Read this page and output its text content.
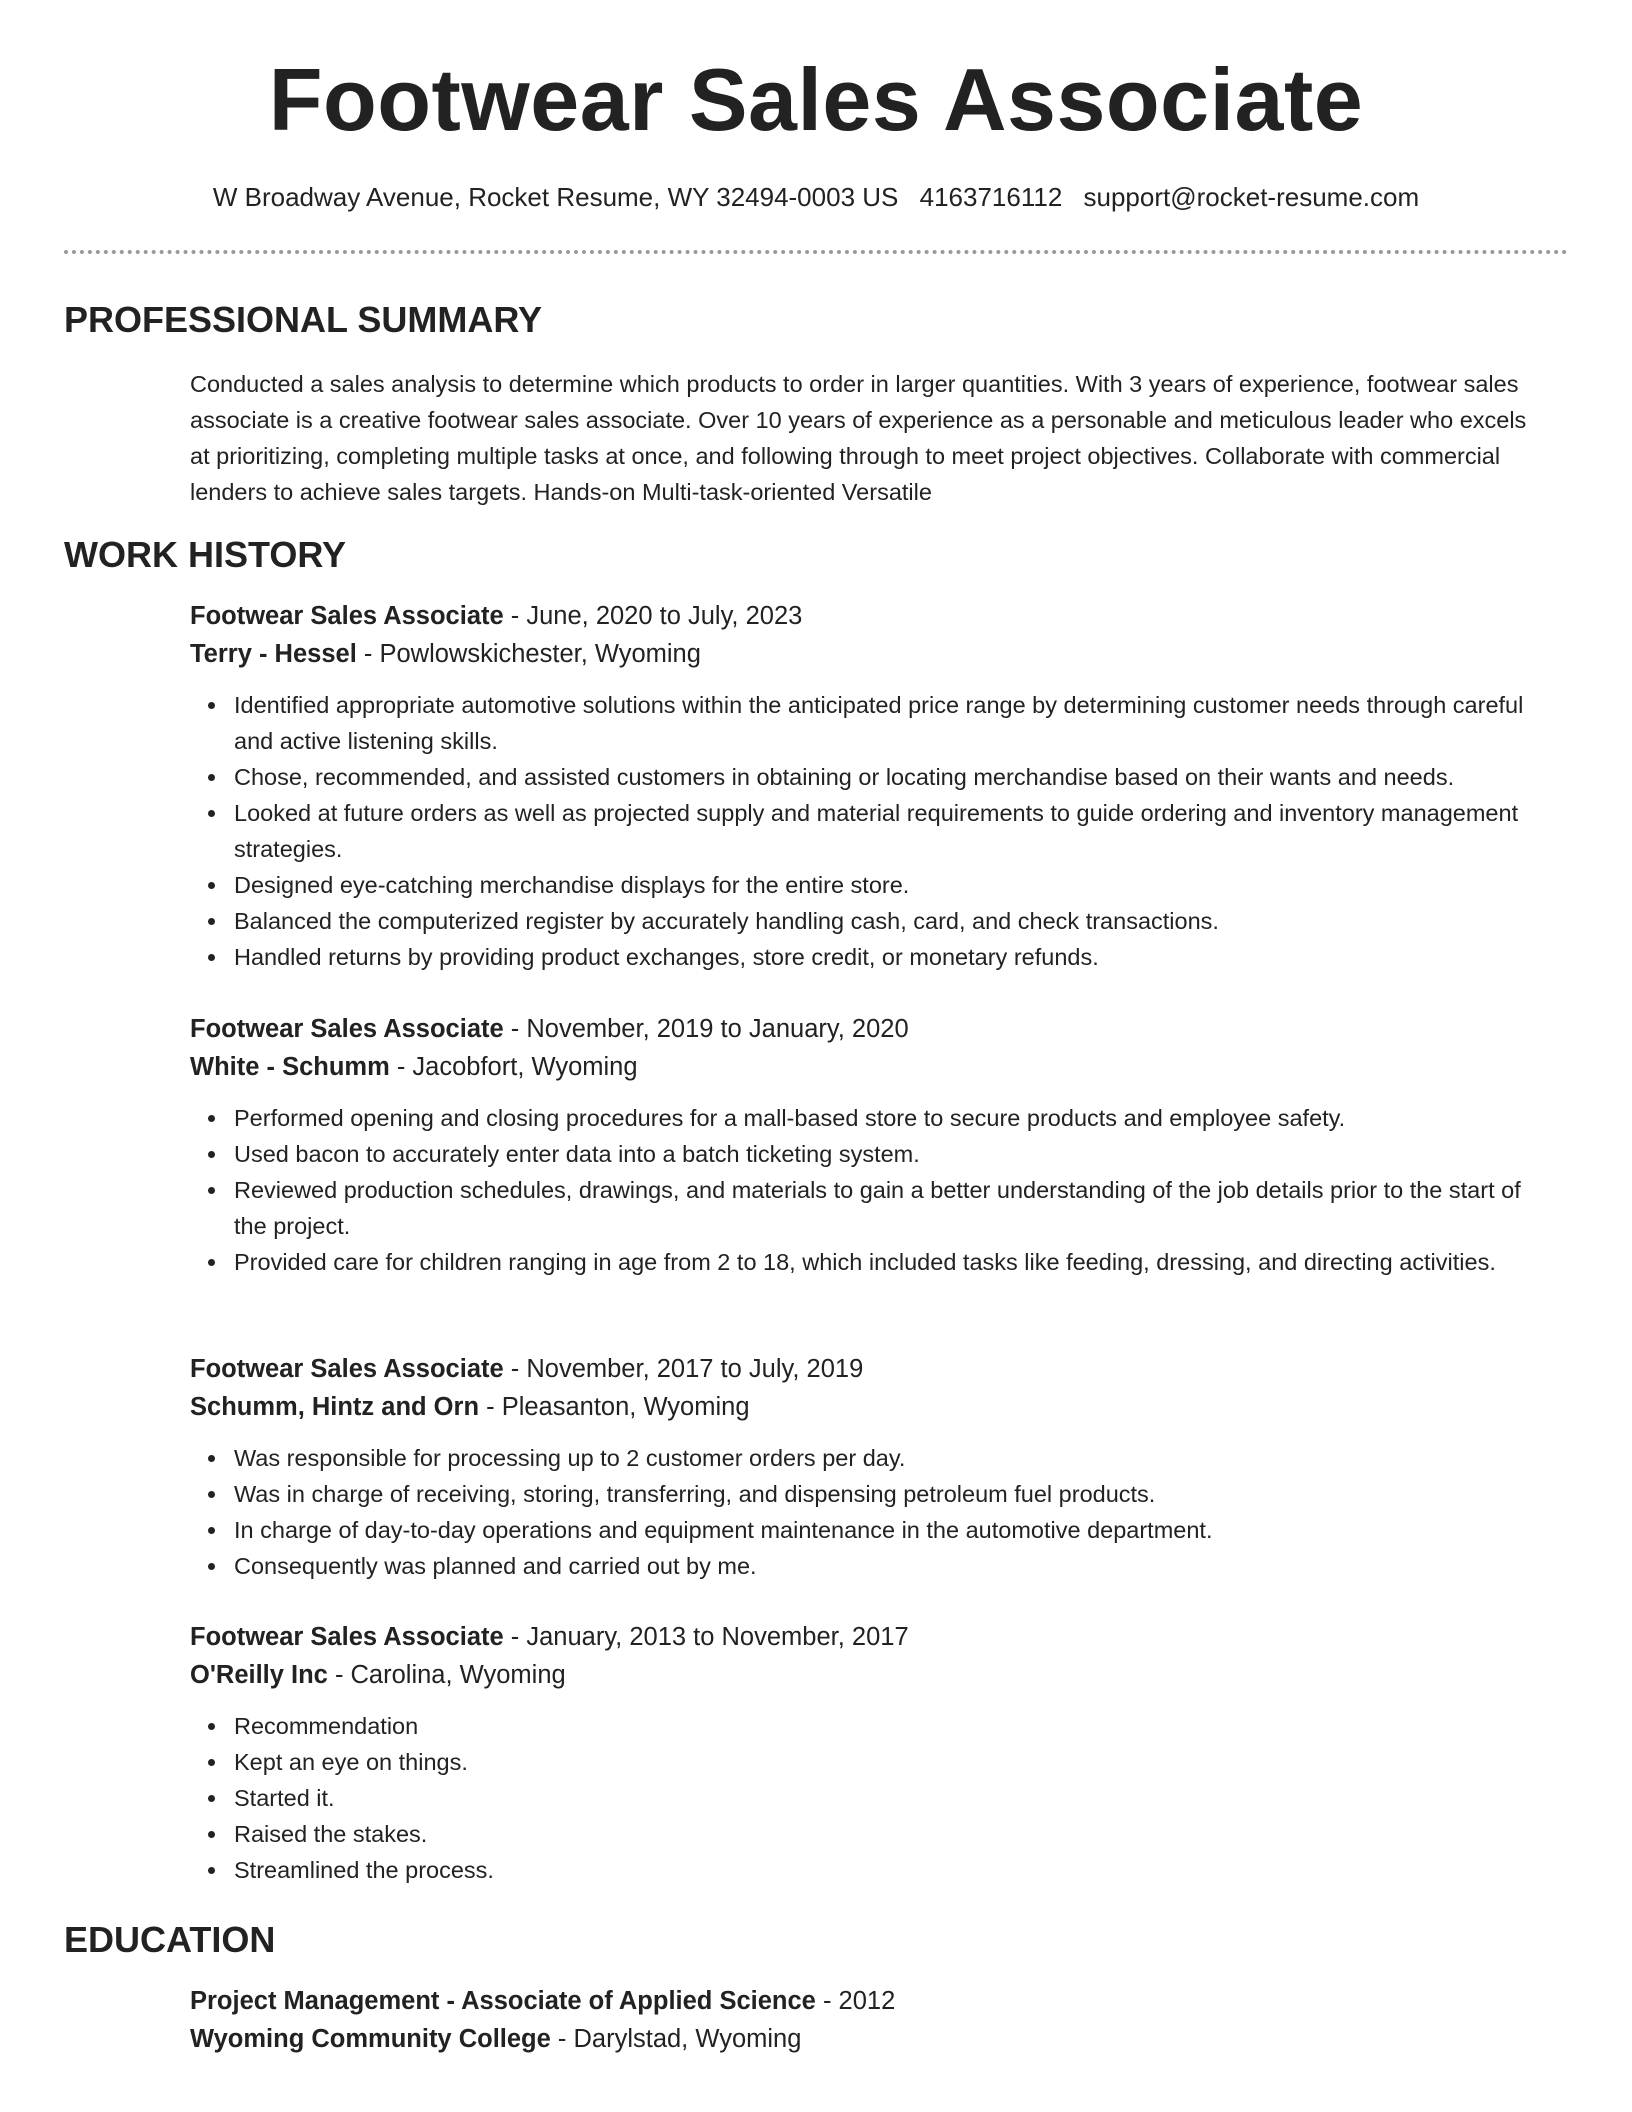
Footwear Sales Associate
W Broadway Avenue, Rocket Resume, WY 32494-0003 US 4163716112 support@rocket-resume.com
PROFESSIONAL SUMMARY
Conducted a sales analysis to determine which products to order in larger quantities. With 3 years of experience, footwear sales associate is a creative footwear sales associate. Over 10 years of experience as a personable and meticulous leader who excels at prioritizing, completing multiple tasks at once, and following through to meet project objectives. Collaborate with commercial lenders to achieve sales targets. Hands-on Multi-task-oriented Versatile
WORK HISTORY
Footwear Sales Associate - June, 2020 to July, 2023
Terry - Hessel - Powlowskichester, Wyoming
Identified appropriate automotive solutions within the anticipated price range by determining customer needs through careful and active listening skills.
Chose, recommended, and assisted customers in obtaining or locating merchandise based on their wants and needs.
Looked at future orders as well as projected supply and material requirements to guide ordering and inventory management strategies.
Designed eye-catching merchandise displays for the entire store.
Balanced the computerized register by accurately handling cash, card, and check transactions.
Handled returns by providing product exchanges, store credit, or monetary refunds.
Footwear Sales Associate - November, 2019 to January, 2020
White - Schumm - Jacobfort, Wyoming
Performed opening and closing procedures for a mall-based store to secure products and employee safety.
Used bacon to accurately enter data into a batch ticketing system.
Reviewed production schedules, drawings, and materials to gain a better understanding of the job details prior to the start of the project.
Provided care for children ranging in age from 2 to 18, which included tasks like feeding, dressing, and directing activities.
Footwear Sales Associate - November, 2017 to July, 2019
Schumm, Hintz and Orn - Pleasanton, Wyoming
Was responsible for processing up to 2 customer orders per day.
Was in charge of receiving, storing, transferring, and dispensing petroleum fuel products.
In charge of day-to-day operations and equipment maintenance in the automotive department.
Consequently was planned and carried out by me.
Footwear Sales Associate - January, 2013 to November, 2017
O'Reilly Inc - Carolina, Wyoming
Recommendation
Kept an eye on things.
Started it.
Raised the stakes.
Streamlined the process.
EDUCATION
Project Management - Associate of Applied Science - 2012
Wyoming Community College - Darylstad, Wyoming
